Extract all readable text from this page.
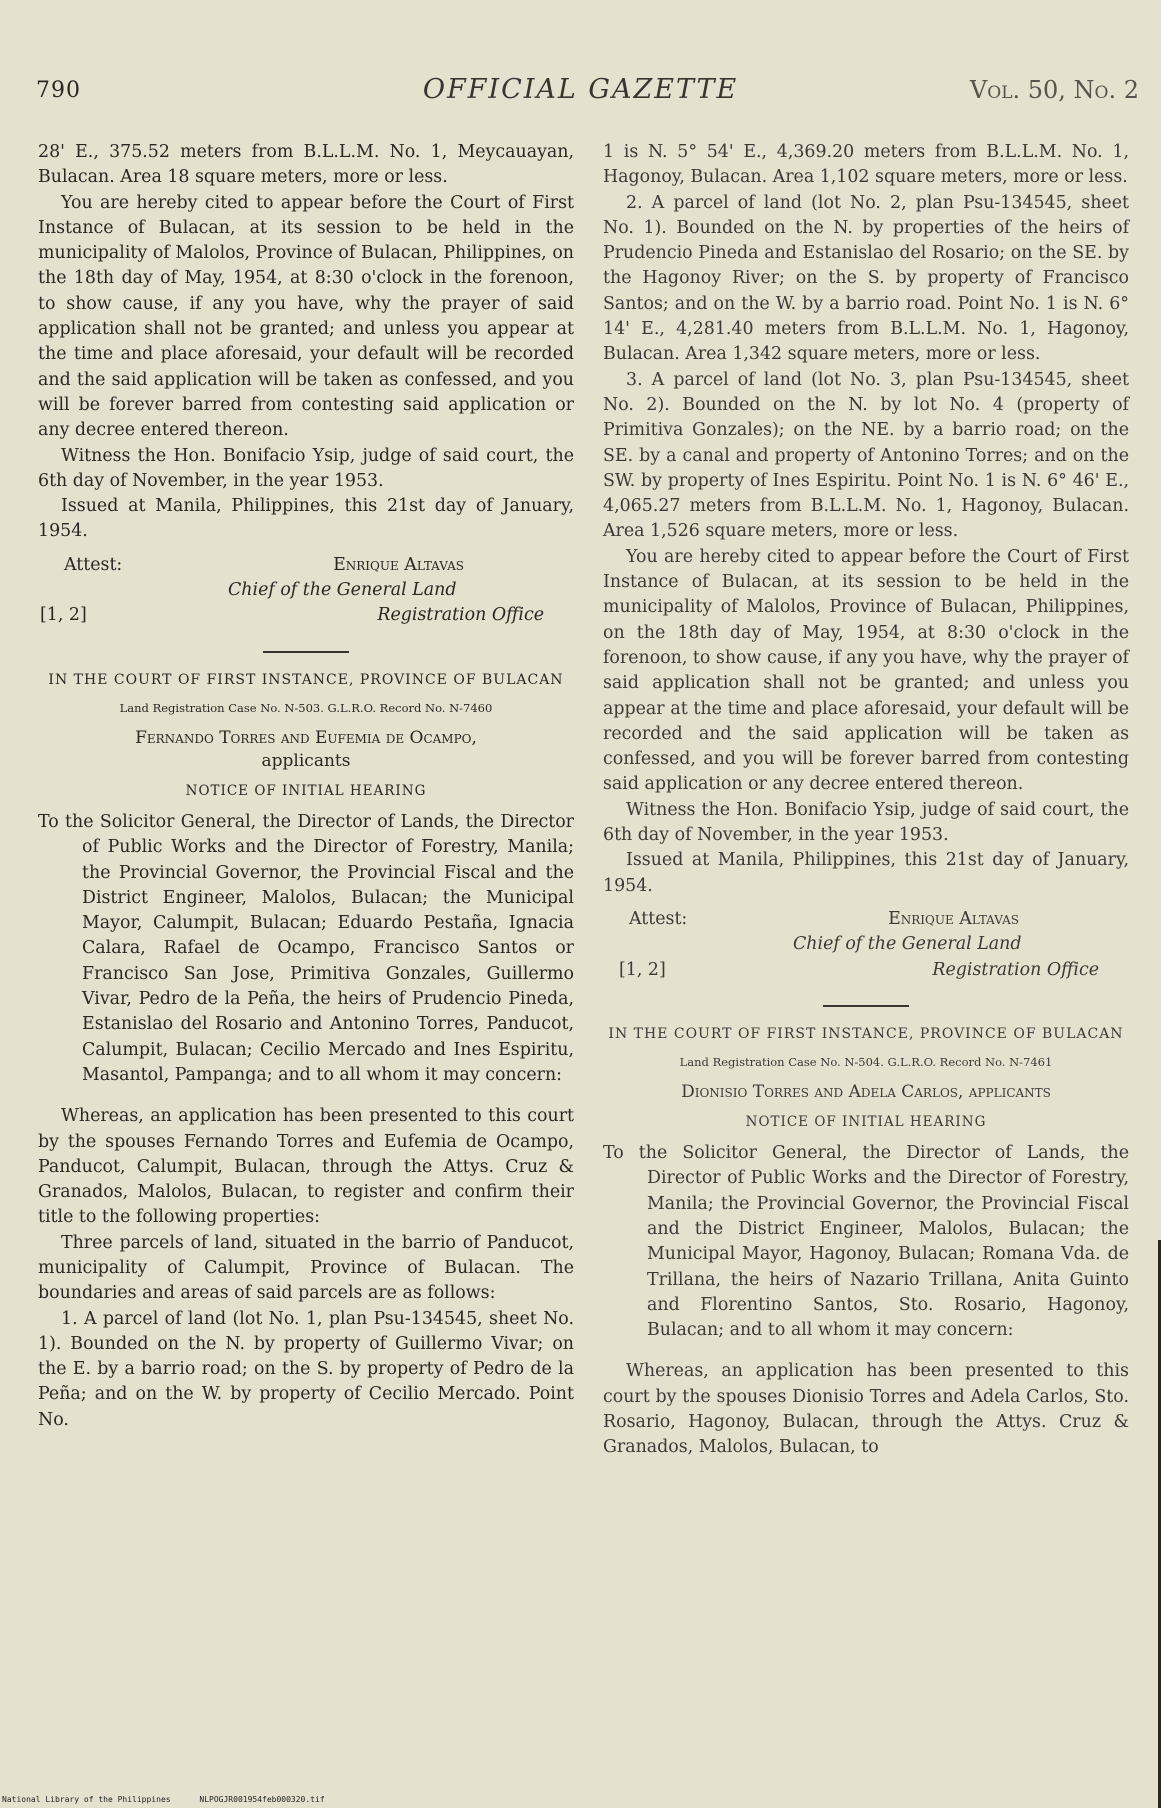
790	OFFICIAL GAZETTE	Vol. 50, No. 2

28' E., 375.52 meters from B.L.L.M. No. 1, Meycauayan, Bulacan. Area 18 square meters, more or less.

You are hereby cited to appear before the Court of First Instance of Bulacan, at its session to be held in the municipality of Malolos, Province of Bulacan, Philippines, on the 18th day of May, 1954, at 8:30 o'clock in the forenoon, to show cause, if any you have, why the prayer of said application shall not be granted; and unless you appear at the time and place aforesaid, your default will be recorded and the said application will be taken as confessed, and you will be forever barred from contesting said application or any decree entered thereon.

Witness the Hon. Bonifacio Ysip, judge of said court, the 6th day of November, in the year 1953.

Issued at Manila, Philippines, this 21st day of January, 1954.

Attest:	Enrique Altavas

Chief of the General Land

[1, 2]	Registration Office

IN THE COURT OF FIRST INSTANCE, PROVINCE OF BULACAN

Land Registration Case No. N-503. G.L.R.O. Record No. N-7460

Fernando Torres and Eufemia de Ocampo,

applicants

NOTICE OF INITIAL HEARING

To the Solicitor General, the Director of Lands, the Director of Public Works and the Director of Forestry, Manila; the Provincial Governor, the Provincial Fiscal and the District Engineer, Malolos, Bulacan; the Municipal Mayor, Calumpit, Bulacan; Eduardo Pestaña, Ignacia Calara, Rafael de Ocampo, Francisco Santos or Francisco San Jose, Primitiva Gonzales, Guillermo Vivar, Pedro de la Peña, the heirs of Prudencio Pineda, Estanislao del Rosario and Antonino Torres, Panducot, Calumpit, Bulacan; Cecilio Mercado and Ines Espiritu, Masantol, Pampanga; and to all whom it may concern:

Whereas, an application has been presented to this court by the spouses Fernando Torres and Eufemia de Ocampo, Panducot, Calumpit, Bulacan, through the Attys. Cruz & Granados, Malolos, Bulacan, to register and confirm their title to the following properties:

Three parcels of land, situated in the barrio of Panducot, municipality of Calumpit, Province of Bulacan. The boundaries and areas of said parcels are as follows:

1. A parcel of land (lot No. 1, plan Psu-134545, sheet No. 1). Bounded on the N. by property of Guillermo Vivar; on the E. by a barrio road; on the S. by property of Pedro de la Peña; and on the W. by property of Cecilio Mercado. Point No.

1 is N. 5° 54' E., 4,369.20 meters from B.L.L.M. No. 1, Hagonoy, Bulacan. Area 1,102 square meters, more or less.

2. A parcel of land (lot No. 2, plan Psu-134545, sheet No. 1). Bounded on the N. by properties of the heirs of Prudencio Pineda and Estanislao del Rosario; on the SE. by the Hagonoy River; on the S. by property of Francisco Santos; and on the W. by a barrio road. Point No. 1 is N. 6° 14' E., 4,281.40 meters from B.L.L.M. No. 1, Hagonoy, Bulacan. Area 1,342 square meters, more or less.

3. A parcel of land (lot No. 3, plan Psu-134545, sheet No. 2). Bounded on the N. by lot No. 4 (property of Primitiva Gonzales); on the NE. by a barrio road; on the SE. by a canal and property of Antonino Torres; and on the SW. by property of Ines Espiritu. Point No. 1 is N. 6° 46' E., 4,065.27 meters from B.L.L.M. No. 1, Hagonoy, Bulacan. Area 1,526 square meters, more or less.

You are hereby cited to appear before the Court of First Instance of Bulacan, at its session to be held in the municipality of Malolos, Province of Bulacan, Philippines, on the 18th day of May, 1954, at 8:30 o'clock in the forenoon, to show cause, if any you have, why the prayer of said application shall not be granted; and unless you appear at the time and place aforesaid, your default will be recorded and the said application will be taken as confessed, and you will be forever barred from contesting said application or any decree entered thereon.

Witness the Hon. Bonifacio Ysip, judge of said court, the 6th day of November, in the year 1953.

Issued at Manila, Philippines, this 21st day of January, 1954.

Attest:	Enrique Altavas

Chief of the General Land

[1, 2]	Registration Office

IN THE COURT OF FIRST INSTANCE, PROVINCE OF BULACAN

Land Registration Case No. N-504. G.L.R.O. Record No. N-7461

Dionisio Torres and Adela Carlos, applicants

NOTICE OF INITIAL HEARING

To the Solicitor General, the Director of Lands, the Director of Public Works and the Director of Forestry, Manila; the Provincial Governor, the Provincial Fiscal and the District Engineer, Malolos, Bulacan; the Municipal Mayor, Hagonoy, Bulacan; Romana Vda. de Trillana, the heirs of Nazario Trillana, Anita Guinto and Florentino Santos, Sto. Rosario, Hagonoy, Bulacan; and to all whom it may concern:

Whereas, an application has been presented to this court by the spouses Dionisio Torres and Adela Carlos, Sto. Rosario, Hagonoy, Bulacan, through the Attys. Cruz & Granados, Malolos, Bulacan, to

National Library of the Philippines	NLPOGJR001954feb000320.tif
